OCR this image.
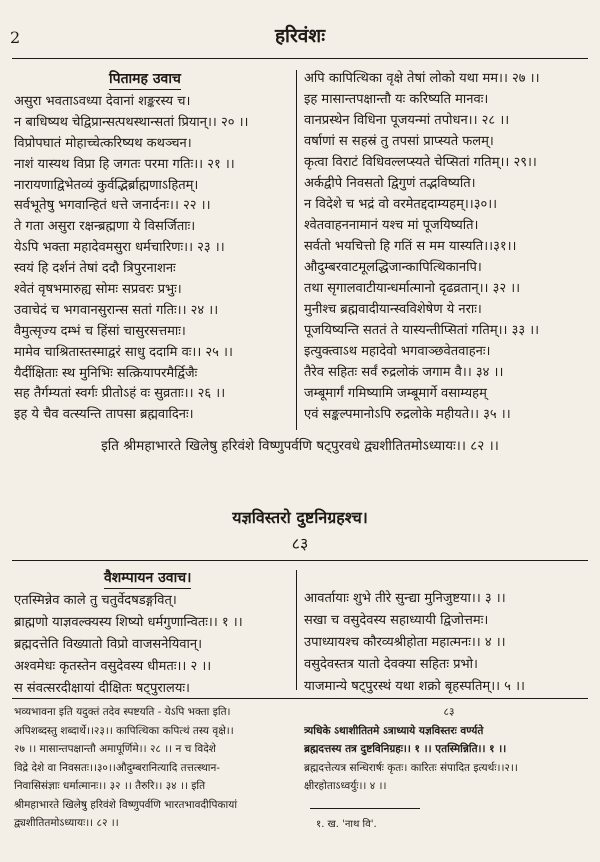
2	हरिवंशः
पितामह उवाच
असुरा भवताऽवध्या देवानां शङ्करस्य च।
न बाधिष्यथ चेद्विप्रान्सत्पथस्थान्सतां प्रियान्।। २० ।।
विप्रोपघातं मोहाच्चेत्करिष्यथ कथञ्चन।
नाशं यास्यथ विप्रा हि जगतः परमा गतिः।। २१ ।।
नारायणाद्विभेतव्यं कुर्वद्भिर्ब्राह्मणाऽहितम्।
सर्वभूतेषु भगवान्हितं धत्ते जनार्दनः।। २२ ।।
ते गता असुरा रक्षन्ब्रह्मणा ये विसर्जिताः।
येऽपि भक्ता महादेवमसुरा धर्मचारिणः।। २३ ।।
स्वयं हि दर्शनं तेषां ददौ त्रिपुरनाशनः
श्वेतं वृषभमारुह्य सोमः सप्रवरः प्रभुः।
उवाचेदं च भगवानसुरान्स सतां गतिः।। २४ ।।
वैमुत्सृज्य दम्भं च हिंसां चासुरसत्तमाः।
मामेव चाश्रितास्तस्माद्वरं साधु ददामि वः।। २५ ।।
यैर्दीक्षिताः स्थ मुनिभिः सत्क्रियापरमैर्द्विजैः
सह तैर्गम्यतां स्वर्गः प्रीतोऽहं वः सुव्रताः।। २६ ।।
इह ये चैव वत्स्यन्ति तापसा ब्रह्मवादिनः।
अपि कापित्थिका वृक्षे तेषां लोको यथा मम।। २७ ।।
इह मासान्तपक्षान्तौ यः करिष्यति मानवः।
वानप्रस्थेन विधिना पूजयन्मां तपोधन।। २८ ।।
वर्षाणां स सहस्रं तु तपसां प्राप्स्यते फलम्।
कृत्वा विराटं विधिवल्लप्स्यते चेप्सितां गतिम्।। २९।।
अर्कद्वीपे निवसतो द्विगुणं तद्भविष्यति।
न विदेशे च भद्रं वो वरमेतद्ददाम्यहम्।।३०।।
श्वेतवाहननामानं यश्च मां पूजयिष्यति।
सर्वतो भयचित्तो हि गतिं स मम यास्यति।।३१।।
औदुम्बरवाटमूलद्धिजान्कापित्थिकानपि।
तथा सृगालवाटीयान्धर्मात्मानो दृढव्रतान्।। ३२ ।।
मुनीश्च ब्रह्मवादीयान्स्वविशेषेण ये नराः।
पूजयिष्यन्ति सततं ते यास्यन्तीप्सितां गतिम्।। ३३ ।।
इत्युक्त्वाऽथ महादेवो भगवाञ्छवेतवाहनः।
तैरेव सहितः सर्वं रुद्रलोकं जगाम वै।। ३४ ।।
जम्बूमार्गं गमिष्यामि जम्बूमार्गे वसाम्यहम्
एवं सङ्कल्पमानोऽपि रुद्रलोके महीयते।। ३५ ।।
इति श्रीमहाभारते खिलेषु हरिवंशे विष्णुपर्वणि षट्पुरवधे द्व्यशीतितमोऽध्यायः।। ८२ ।।
यज्ञविस्तरो दुष्टनिग्रहश्च।
८३
वैशम्पायन उवाच।
एतस्मिन्नेव काले तु चतुर्वेदषडङ्गवित्।
ब्राह्मणो याज्ञवल्क्यस्य शिष्यो धर्मगुणान्वितः।। १ ।।
ब्रह्मदत्तेति विख्यातो विप्रो वाजसनेयिवान्।
अश्वमेधः कृतस्तेन वसुदेवस्य धीमतः।। २ ।।
स संवत्सरदीक्षायां दीक्षितः षट्पुरालयः।
आवर्तायाः शुभे तीरे सुन्द्या मुनिजुष्टया।। ३ ।।
सखा च वसुदेवस्य सहाध्यायी द्विजोत्तमः।
उपाध्यायश्च कौरव्यश्रीहोता महात्मनः।। ४ ।।
वसुदेवस्तत्र यातो देवक्या सहितः प्रभो।
याजमान्ये षट्पुरस्थं यथा शक्रो बृहस्पतिम्।। ५ ।।
भव्यभावना इति यदुक्तं तदेव स्पष्टयति - येऽपि भक्ता इति।
अपिशब्दस्तु शब्दार्थे।।२३।। कापित्थिका कपित्थं तस्य वृक्षे।।
२७ ।। मासान्तपक्षान्तौ अमापूर्णिमे।। २८ ।। न च विदेशे
विद्रे देशे वा निवसतः।।३०।।औदुम्बरानित्यादि तत्तत्स्थान-
निवासिसंज्ञाः धर्मात्मानः।। ३२ ।। तैरुरि।। ३४ ।। इति
श्रीमहाभारते खिलेषु हरिवंशे विष्णुपर्वणि भारतभावदीपिकायां
द्व्यशीतितमोऽध्यायः।। ८२ ।।
८३
त्र्यधिके ऽथाशीतितमे ऽत्राध्याये यज्ञविस्तरः वर्ण्यते
ब्रह्मदत्तस्य तत्र दुष्टविनिग्रहः।। १ ।। एतस्मिन्निति।। १ ।।
ब्रह्मदत्तेत्यत्र सन्धिरार्षः कृतः। कारितः संपादित इत्यर्थः।।२।।
क्षीरहोताऽध्वर्युः।। ४ ।।
१. ख. 'नाथ वि'.
